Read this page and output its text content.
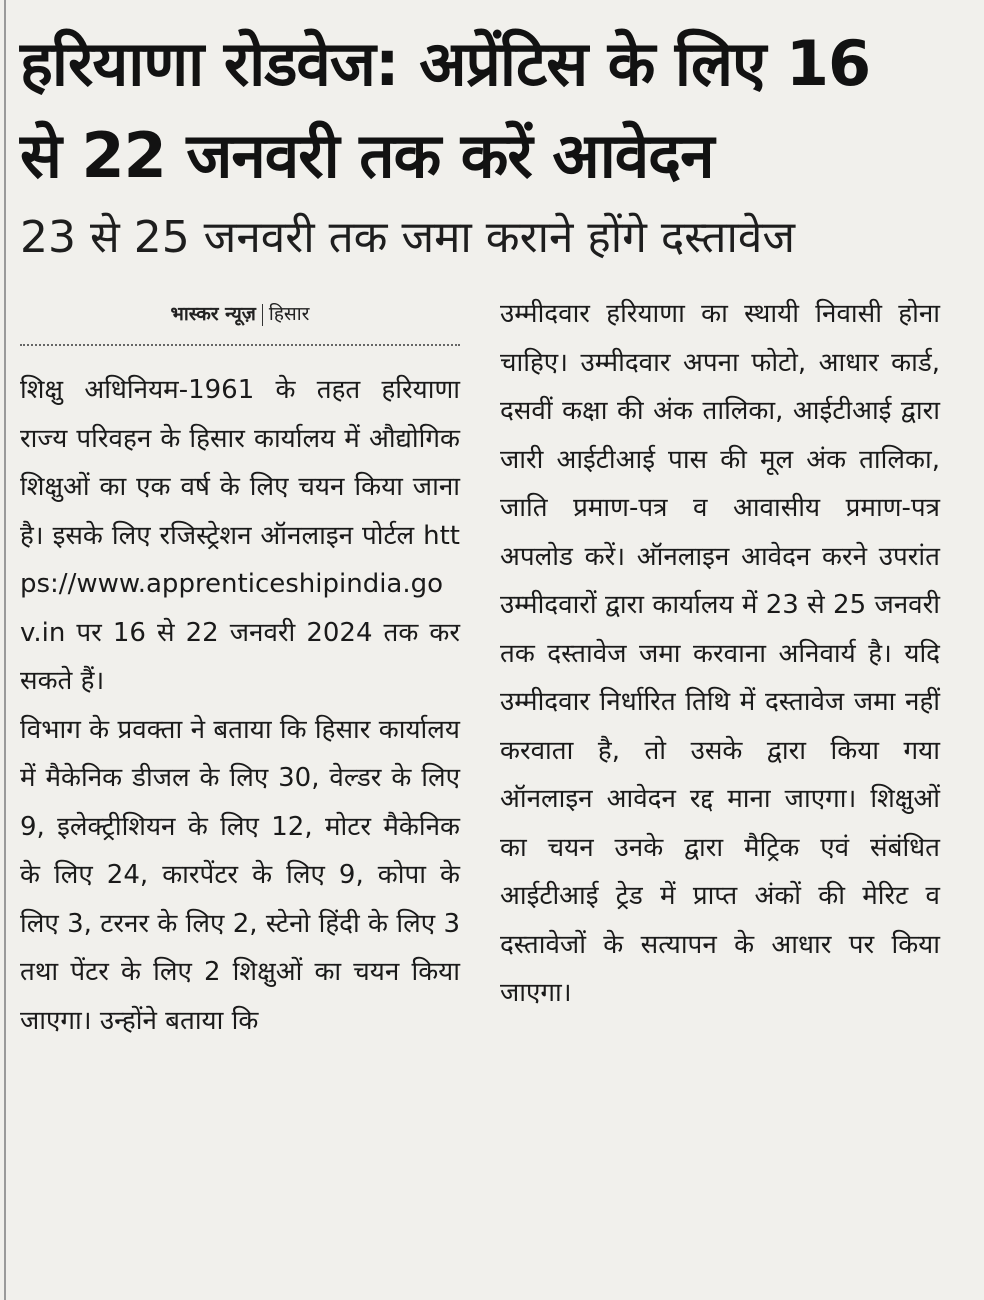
हरियाणा रोडवेज: अप्रेंटिस के लिए 16 से 22 जनवरी तक करें आवेदन
23 से 25 जनवरी तक जमा कराने होंगे दस्तावेज
भास्कर न्यूज़ हिसार

शिक्षु अधिनियम-1961 के तहत हरियाणा राज्य परिवहन के हिसार कार्यालय में औद्योगिक शिक्षुओं का एक वर्ष के लिए चयन किया जाना है। इसके लिए रजिस्ट्रेशन ऑनलाइन पोर्टल https://www.apprenticeshipindia.gov.in पर 16 से 22 जनवरी 2024 तक कर सकते हैं।

विभाग के प्रवक्ता ने बताया कि हिसार कार्यालय में मैकेनिक डीजल के लिए 30, वेल्डर के लिए 9, इलेक्ट्रीशियन के लिए 12, मोटर मैकेनिक के लिए 24, कारपेंटर के लिए 9, कोपा के लिए 3, टरनर के लिए 2, स्टेनो हिंदी के लिए 3 तथा पेंटर के लिए 2 शिक्षुओं का चयन किया जाएगा। उन्होंने बताया कि

उम्मीदवार हरियाणा का स्थायी निवासी होना चाहिए। उम्मीदवार अपना फोटो, आधार कार्ड, दसवीं कक्षा की अंक तालिका, आईटीआई द्वारा जारी आईटीआई पास की मूल अंक तालिका, जाति प्रमाण-पत्र व आवासीय प्रमाण-पत्र अपलोड करें। ऑनलाइन आवेदन करने उपरांत उम्मीदवारों द्वारा कार्यालय में 23 से 25 जनवरी तक दस्तावेज जमा करवाना अनिवार्य है। यदि उम्मीदवार निर्धारित तिथि में दस्तावेज जमा नहीं करवाता है, तो उसके द्वारा किया गया ऑनलाइन आवेदन रद्द माना जाएगा। शिक्षुओं का चयन उनके द्वारा मैट्रिक एवं संबंधित आईटीआई ट्रेड में प्राप्त अंकों की मेरिट व दस्तावेजों के सत्यापन के आधार पर किया जाएगा।
